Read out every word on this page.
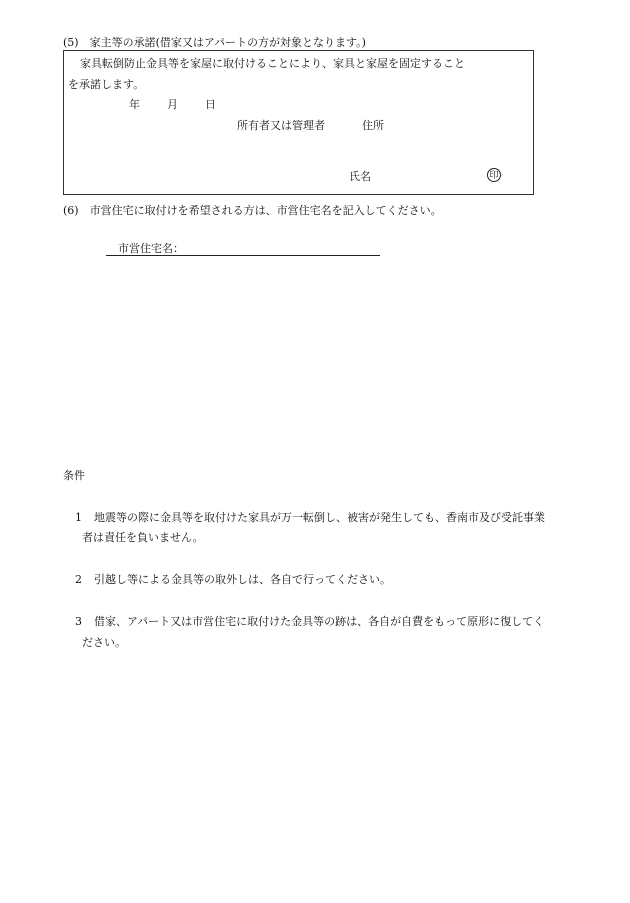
(5)　家主等の承諾(借家又はアパートの方が対象となります。)
家具転倒防止金具等を家屋に取付けることにより、家具と家屋を固定すること
を承諾します。
年 月 日
所有者又は管理者	住所
氏名	印
(6)　市営住宅に取付けを希望される方は、市営住宅名を記入してください。
市営住宅名：
条件
1 地震等の際に金具等を取付けた家具が万一転倒し、被害が発生しても、香南市及び受託事業
者は責任を負いません。
2 引越し等による金具等の取外しは、各自で行ってください。
3 借家、アパート又は市営住宅に取付けた金具等の跡は、各自が自費をもって原形に復してく
ださい。
